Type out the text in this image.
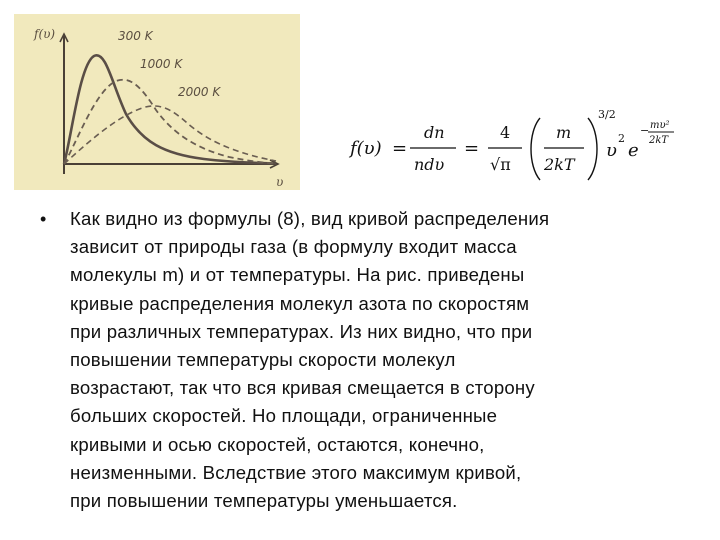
f(υ)
υ
300 K
1000 K
2000 K
f(υ) =
dn
ndυ
=
4
√π
m
2kT
3/2
υ
2
e
− mυ²
2kT
• Как видно из формулы (8), вид кривой распределения
зависит от природы газа (в формулу входит масса
молекулы m) и от температуры. На рис. приведены
кривые распределения молекул азота по скоростям
при различных температурах. Из них видно, что при
повышении температуры скорости молекул
возрастают, так что вся кривая смещается в сторону
больших скоростей. Но площади, ограниченные
кривыми и осью скоростей, остаются, конечно,
неизменными. Вследствие этого максимум кривой,
при повышении температуры уменьшается.
